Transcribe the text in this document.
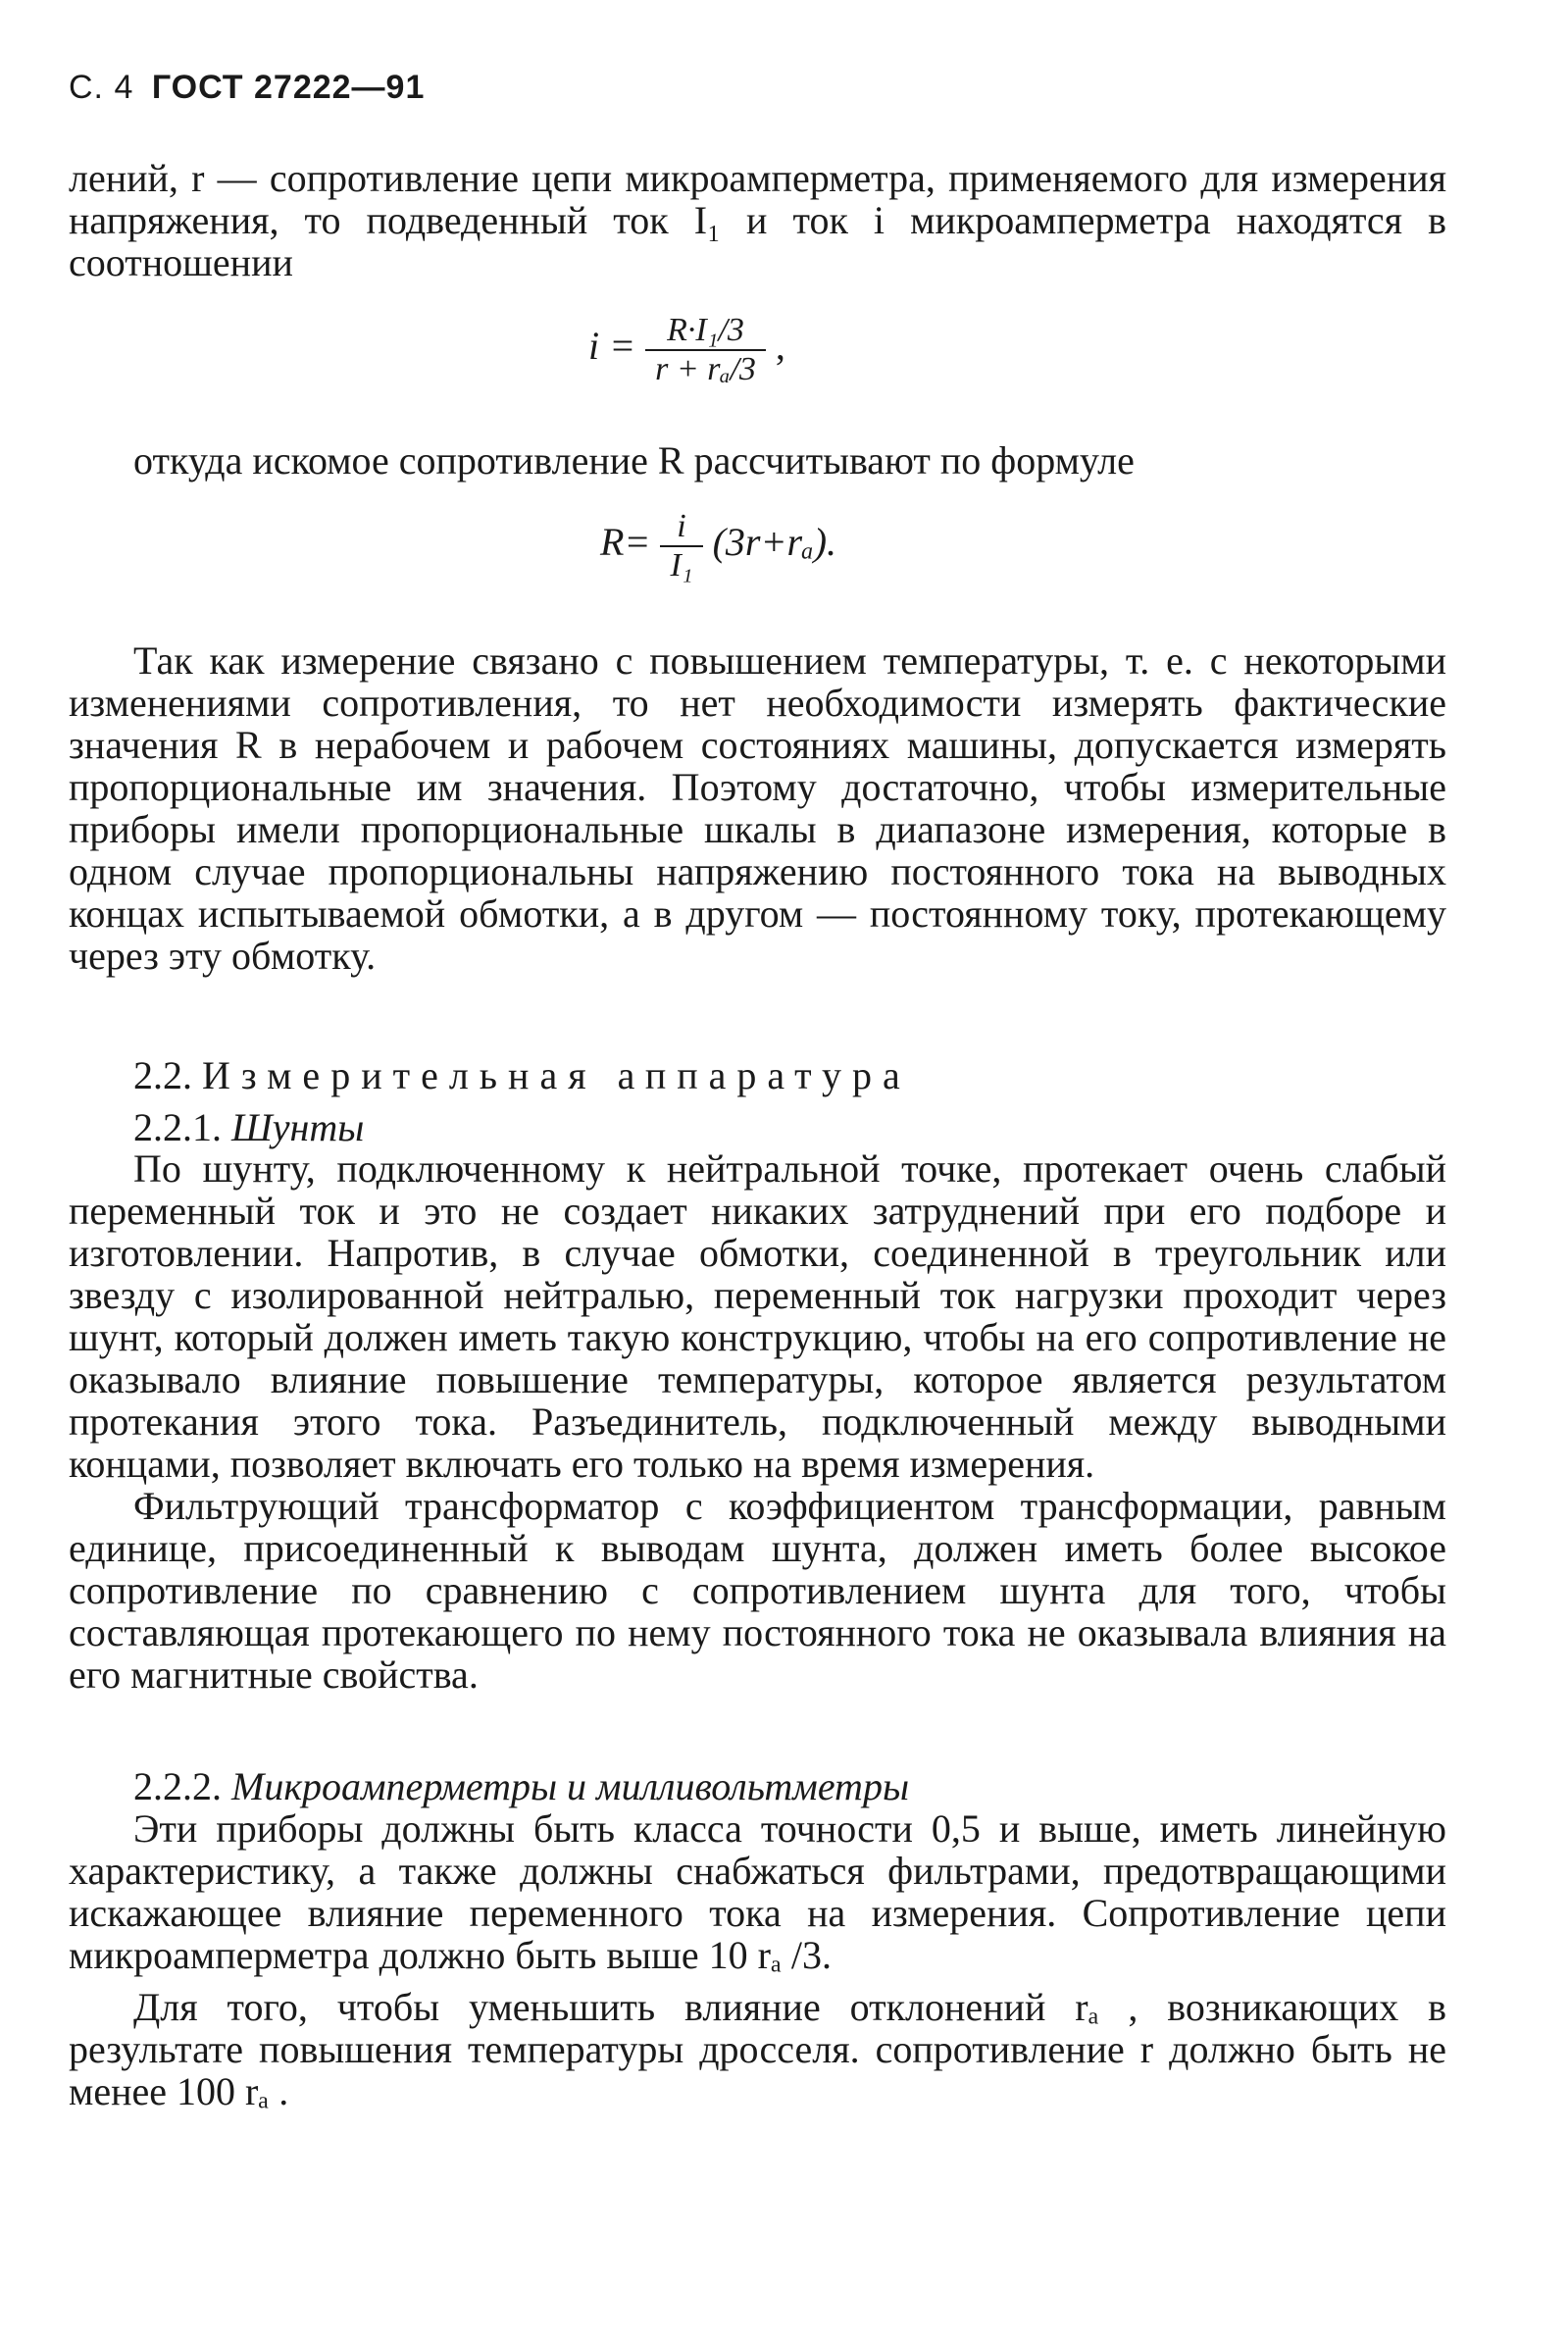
С. 4 ГОСТ 27222—91

лений, r — сопротивление цепи микроамперметра, применяемого для измерения напряжения, то подведенный ток I₁ и ток i микроамперметра находятся в соотношении

$i = \frac{\text{R·I₁/3}}{\text{r + rₐ/3}}$ ,

откуда искомое сопротивление R рассчитывают по формуле

$R= \frac{i}{\text{I₁}} (3r+r_a)$.

Так как измерение связано с повышением температуры, т. е. с некоторыми изменениями сопротивления, то нет необходимости измерять фактические значения R в нерабочем и рабочем состояниях машины, допускается измерять пропорциональные им значения. Поэтому достаточно, чтобы измерительные приборы имели пропорциональные шкалы в диапазоне измерения, которые в одном случае пропорциональны напряжению постоянного тока на выводных концах испытываемой обмотки, а в другом — постоянному току, протекающему через эту обмотку.

2.2. Измерительная аппаратура
2.2.1. Шунты

По шунту, подключенному к нейтральной точке, протекает очень слабый переменный ток и это не создает никаких затруднений при его подборе и изготовлении. Напротив, в случае обмотки, соединенной в треугольник или звезду с изолированной нейтралью, переменный ток нагрузки проходит через шунт, который должен иметь такую конструкцию, чтобы на его сопротивление не оказывало влияние повышение температуры, которое является результатом протекания этого тока. Разъединитель, подключенный между выводными концами, позволяет включать его только на время измерения.

Фильтрующий трансформатор с коэффициентом трансформации, равным единице, присоединенный к выводам шунта, должен иметь более высокое сопротивление по сравнению с сопротивлением шунта для того, чтобы составляющая протекающего по нему постоянного тока не оказывала влияния на его магнитные свойства.

2.2.2. Микроамперметры и милливольтметры

Эти приборы должны быть класса точности 0,5 и выше, иметь линейную характеристику, а также должны снабжаться фильтрами, предотвращающими искажающее влияние переменного тока на измерения. Сопротивление цепи микроамперметра должно быть выше 10 rₐ /3.

Для того, чтобы уменьшить влияние отклонений rₐ , возникающих в результате повышения температуры дросселя. сопротивление r должно быть не менее 100 rₐ .
